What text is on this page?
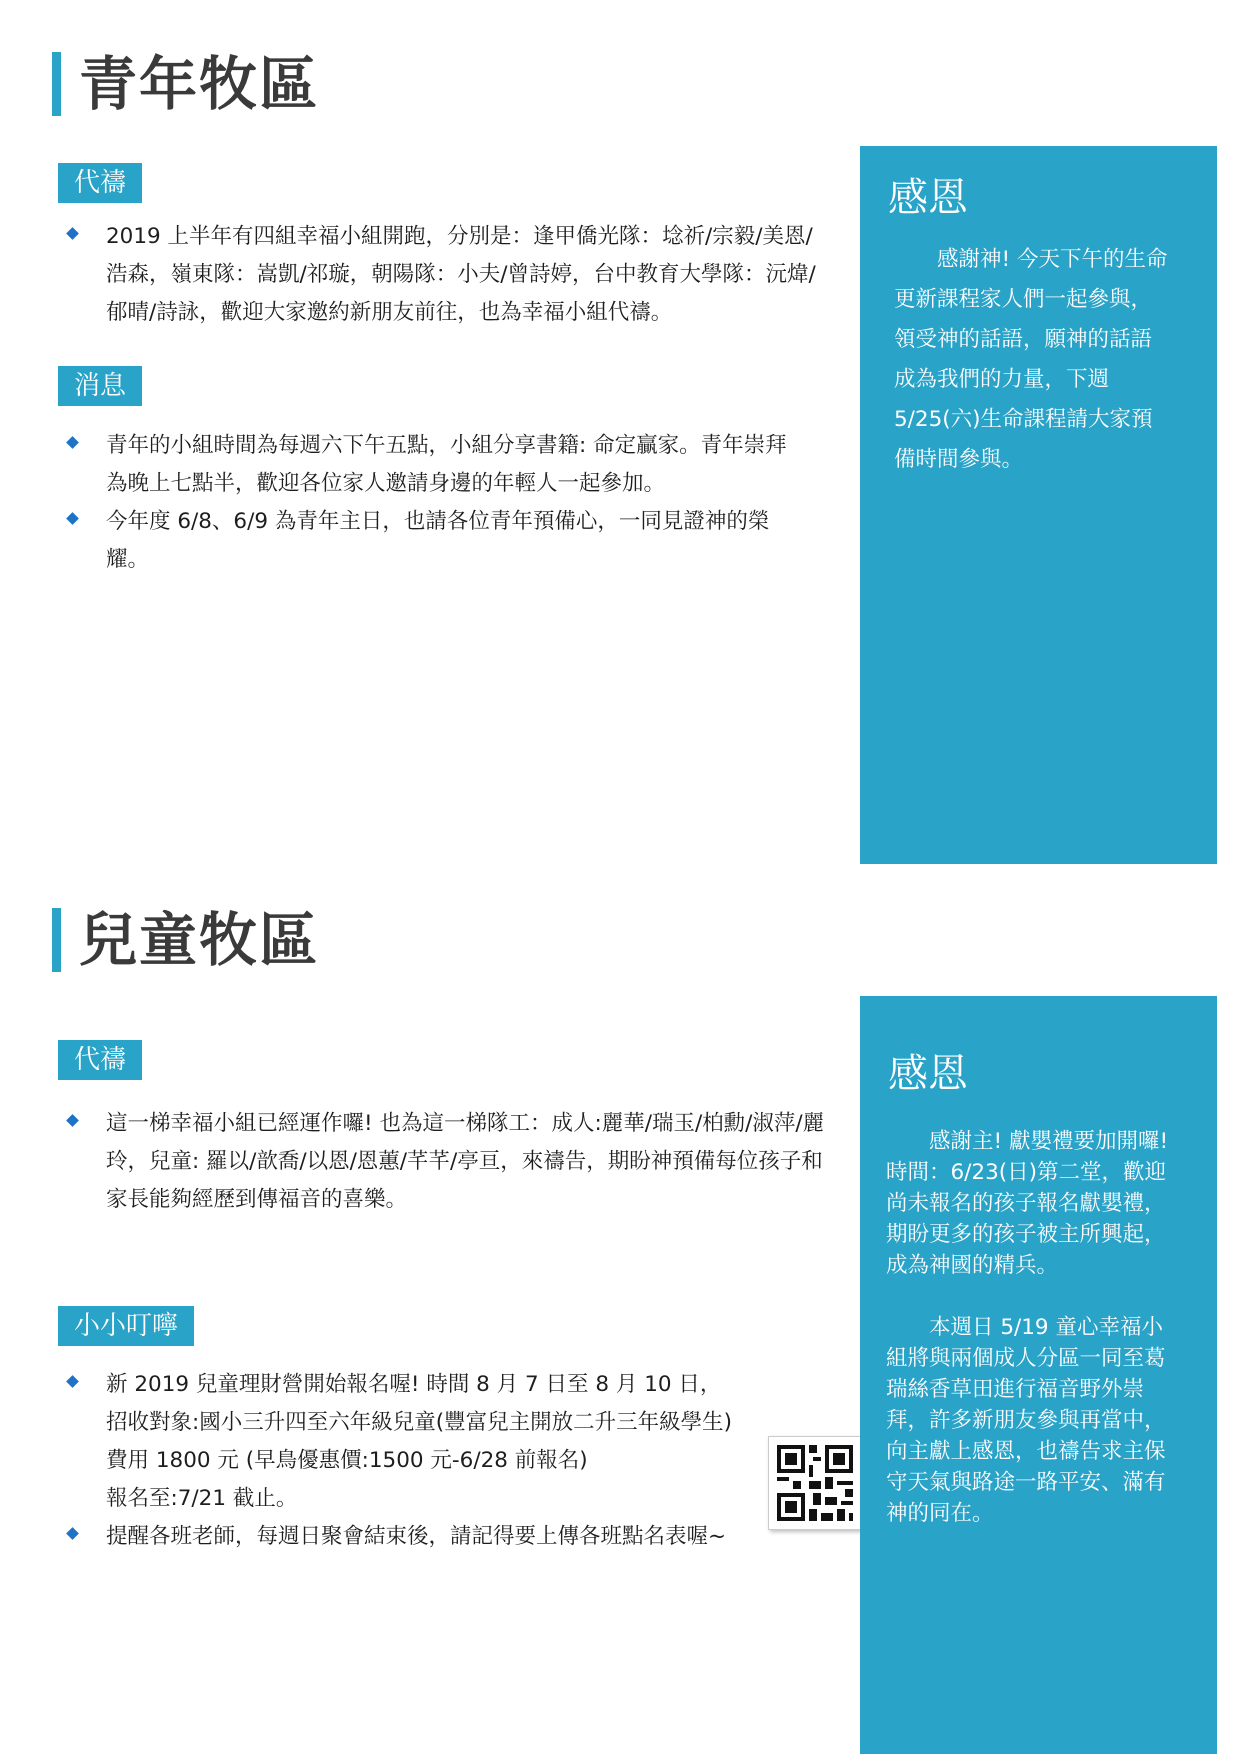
青年牧區
代禱
2019 上半年有四組幸福小組開跑，分別是：逢甲僑光隊：埝祈/宗毅/美恩/浩森，嶺東隊：嵩凱/祁璇，朝陽隊：小夫/曾詩婷，台中教育大學隊：沅煒/郁晴/詩詠，歡迎大家邀約新朋友前往，也為幸福小組代禱。
消息
青年的小組時間為每週六下午五點，小組分享書籍: 命定贏家。青年崇拜為晚上七點半，歡迎各位家人邀請身邊的年輕人一起參加。
今年度 6/8、6/9 為青年主日，也請各位青年預備心，一同見證神的榮耀。
感恩

感謝神! 今天下午的生命更新課程家人們一起參與，領受神的話語，願神的話語成為我們的力量，下週 5/25(六)生命課程請大家預備時間參與。

兒童牧區
代禱
這一梯幸福小組已經運作囉! 也為這一梯隊工：成人:麗華/瑞玉/柏勳/淑萍/麗玲，兒童: 羅以/歆喬/以恩/恩蕙/芊芊/亭亘，來禱告，期盼神預備每位孩子和家長能夠經歷到傳福音的喜樂。
小小叮嚀
新 2019 兒童理財營開始報名喔! 時間 8 月 7 日至 8 月 10 日，
招收對象:國小三升四至六年級兒童(豐富兒主開放二升三年級學生)
費用 1800 元 (早鳥優惠價:1500 元-6/28 前報名)
報名至:7/21 截止。
提醒各班老師，每週日聚會結束後，請記得要上傳各班點名表喔~
感恩

感謝主! 獻嬰禮要加開囉! 時間：6/23(日)第二堂，歡迎尚未報名的孩子報名獻嬰禮，期盼更多的孩子被主所興起，成為神國的精兵。

本週日 5/19 童心幸福小組將與兩個成人分區一同至葛瑞絲香草田進行福音野外崇拜，許多新朋友參與再當中，向主獻上感恩，也禱告求主保守天氣與路途一路平安、滿有神的同在。
